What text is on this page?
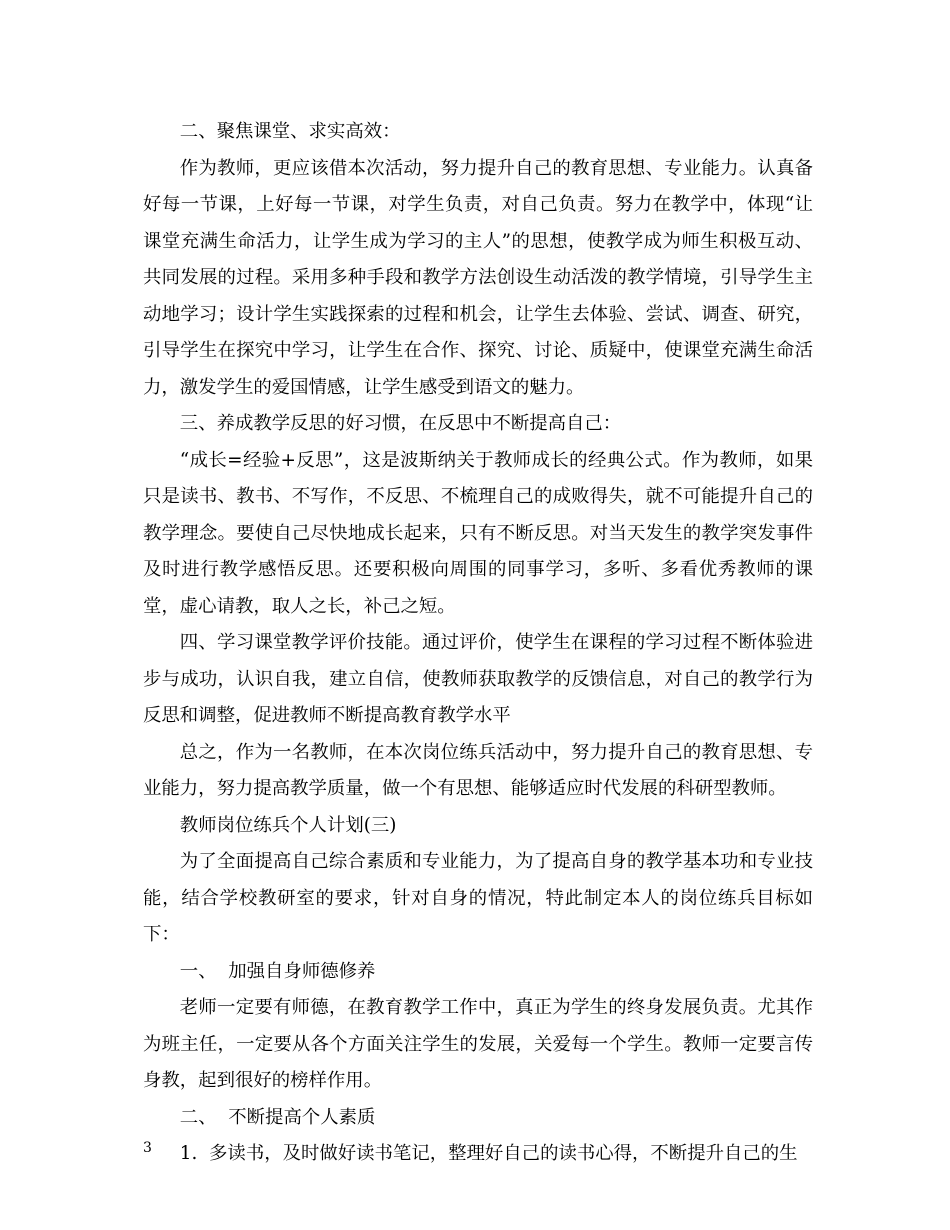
二、聚焦课堂、求实高效：

作为教师，更应该借本次活动，努力提升自己的教育思想、专业能力。认真备好每一节课，上好每一节课，对学生负责，对自己负责。努力在教学中，体现“让课堂充满生命活力，让学生成为学习的主人”的思想，使教学成为师生积极互动、共同发展的过程。采用多种手段和教学方法创设生动活泼的教学情境，引导学生主动地学习；设计学生实践探索的过程和机会，让学生去体验、尝试、调查、研究，引导学生在探究中学习，让学生在合作、探究、讨论、质疑中，使课堂充满生命活力，激发学生的爱国情感，让学生感受到语文的魅力。

三、养成教学反思的好习惯，在反思中不断提高自己：

“成长=经验+反思”，这是波斯纳关于教师成长的经典公式。作为教师，如果只是读书、教书、不写作，不反思、不梳理自己的成败得失，就不可能提升自己的教学理念。要使自己尽快地成长起来，只有不断反思。对当天发生的教学突发事件及时进行教学感悟反思。还要积极向周围的同事学习，多听、多看优秀教师的课堂，虚心请教，取人之长，补己之短。

四、学习课堂教学评价技能。通过评价，使学生在课程的学习过程不断体验进步与成功，认识自我，建立自信，使教师获取教学的反馈信息，对自己的教学行为反思和调整，促进教师不断提高教育教学水平

总之，作为一名教师，在本次岗位练兵活动中，努力提升自己的教育思想、专业能力，努力提高教学质量，做一个有思想、能够适应时代发展的科研型教师。

教师岗位练兵个人计划(三)

为了全面提高自己综合素质和专业能力，为了提高自身的教学基本功和专业技能，结合学校教研室的要求，针对自身的情况，特此制定本人的岗位练兵目标如下：

一、  加强自身师德修养

老师一定要有师德，在教育教学工作中，真正为学生的终身发展负责。尤其作为班主任，一定要从各个方面关注学生的发展，关爱每一个学生。教师一定要言传身教，起到很好的榜样作用。

二、  不断提高个人素质

1.  多读书，及时做好读书笔记，整理好自己的读书心得，不断提升自己的生

3
